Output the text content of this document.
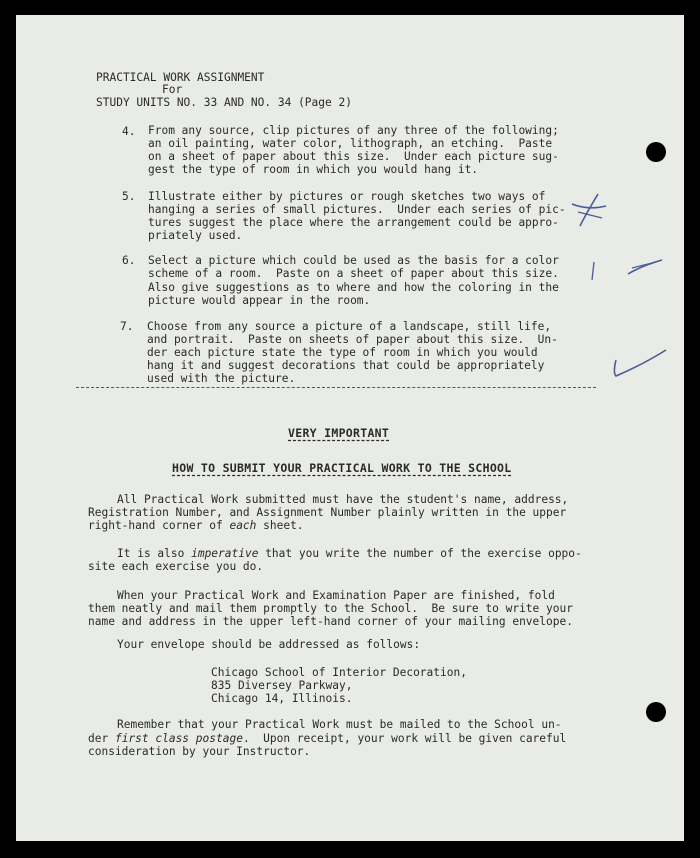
PRACTICAL WORK ASSIGNMENT
For
STUDY UNITS NO. 33 AND NO. 34 (Page 2)
4. From any source, clip pictures of any three of the following;
an oil painting, water color, lithograph, an etching.  Paste
on a sheet of paper about this size.  Under each picture sug-
gest the type of room in which you would hang it.
5. Illustrate either by pictures or rough sketches two ways of
hanging a series of small pictures.  Under each series of pic-
tures suggest the place where the arrangement could be appro-
priately used.
6. Select a picture which could be used as the basis for a color
scheme of a room.  Paste on a sheet of paper about this size.
Also give suggestions as to where and how the coloring in the
picture would appear in the room.
7. Choose from any source a picture of a landscape, still life,
and portrait.  Paste on sheets of paper about this size.  Un-
der each picture state the type of room in which you would
hang it and suggest decorations that could be appropriately
used with the picture.
VERY IMPORTANT
HOW TO SUBMIT YOUR PRACTICAL WORK TO THE SCHOOL
All Practical Work submitted must have the student's name, address,
Registration Number, and Assignment Number plainly written in the upper
right-hand corner of each sheet.
It is also imperative that you write the number of the exercise oppo-
site each exercise you do.
When your Practical Work and Examination Paper are finished, fold
them neatly and mail them promptly to the School.  Be sure to write your
name and address in the upper left-hand corner of your mailing envelope.
Your envelope should be addressed as follows:
Chicago School of Interior Decoration,
835 Diversey Parkway,
Chicago 14, Illinois.
Remember that your Practical Work must be mailed to the School un-
der first class postage.  Upon receipt, your work will be given careful
consideration by your Instructor.
